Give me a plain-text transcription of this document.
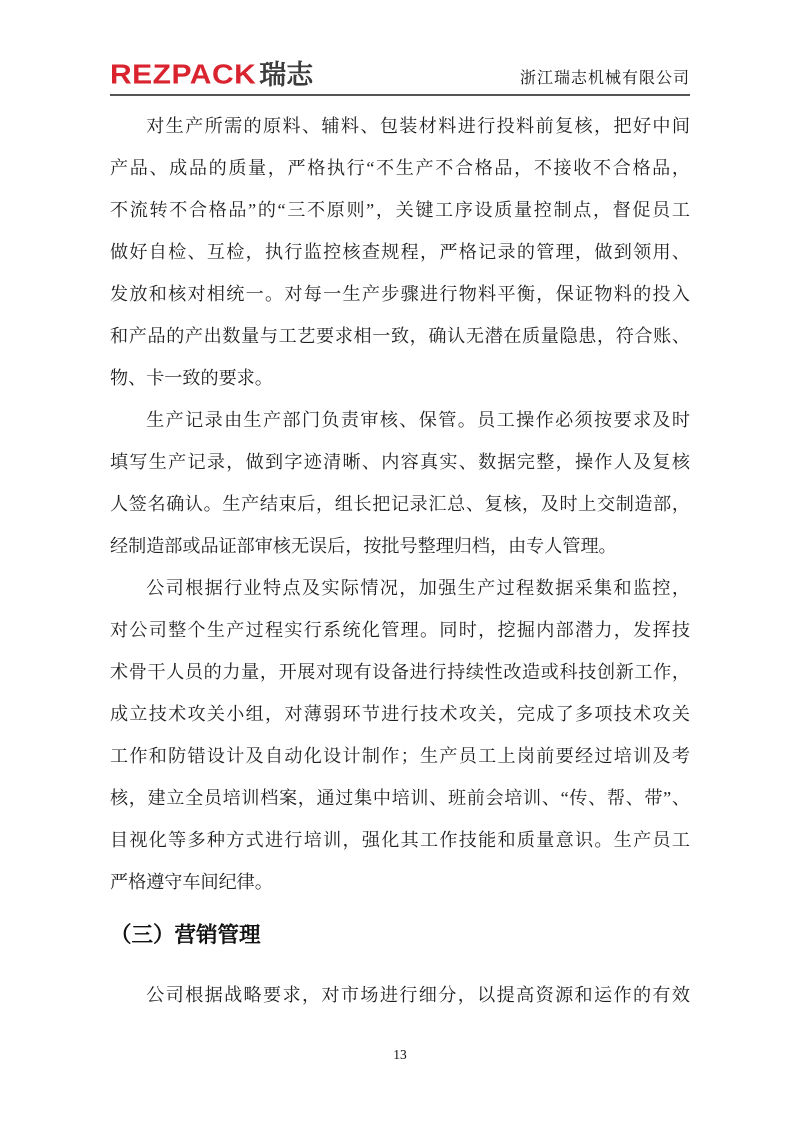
REZPACK 瑞志	浙江瑞志机械有限公司
对生产所需的原料、辅料、包装材料进行投料前复核，把好中间
产品、成品的质量，严格执行“不生产不合格品，不接收不合格品，
不流转不合格品”的“三不原则”，关键工序设质量控制点，督促员工
做好自检、互检，执行监控核查规程，严格记录的管理，做到领用、
发放和核对相统一。对每一生产步骤进行物料平衡，保证物料的投入
和产品的产出数量与工艺要求相一致，确认无潜在质量隐患，符合账、
物、卡一致的要求。
生产记录由生产部门负责审核、保管。员工操作必须按要求及时
填写生产记录，做到字迹清晰、内容真实、数据完整，操作人及复核
人签名确认。生产结束后，组长把记录汇总、复核，及时上交制造部，
经制造部或品证部审核无误后，按批号整理归档，由专人管理。
公司根据行业特点及实际情况，加强生产过程数据采集和监控，
对公司整个生产过程实行系统化管理。同时，挖掘内部潜力，发挥技
术骨干人员的力量，开展对现有设备进行持续性改造或科技创新工作，
成立技术攻关小组，对薄弱环节进行技术攻关，完成了多项技术攻关
工作和防错设计及自动化设计制作；生产员工上岗前要经过培训及考
核，建立全员培训档案，通过集中培训、班前会培训、“传、帮、带”、
目视化等多种方式进行培训，强化其工作技能和质量意识。生产员工
严格遵守车间纪律。
（三）营销管理
公司根据战略要求，对市场进行细分，以提高资源和运作的有效
13
